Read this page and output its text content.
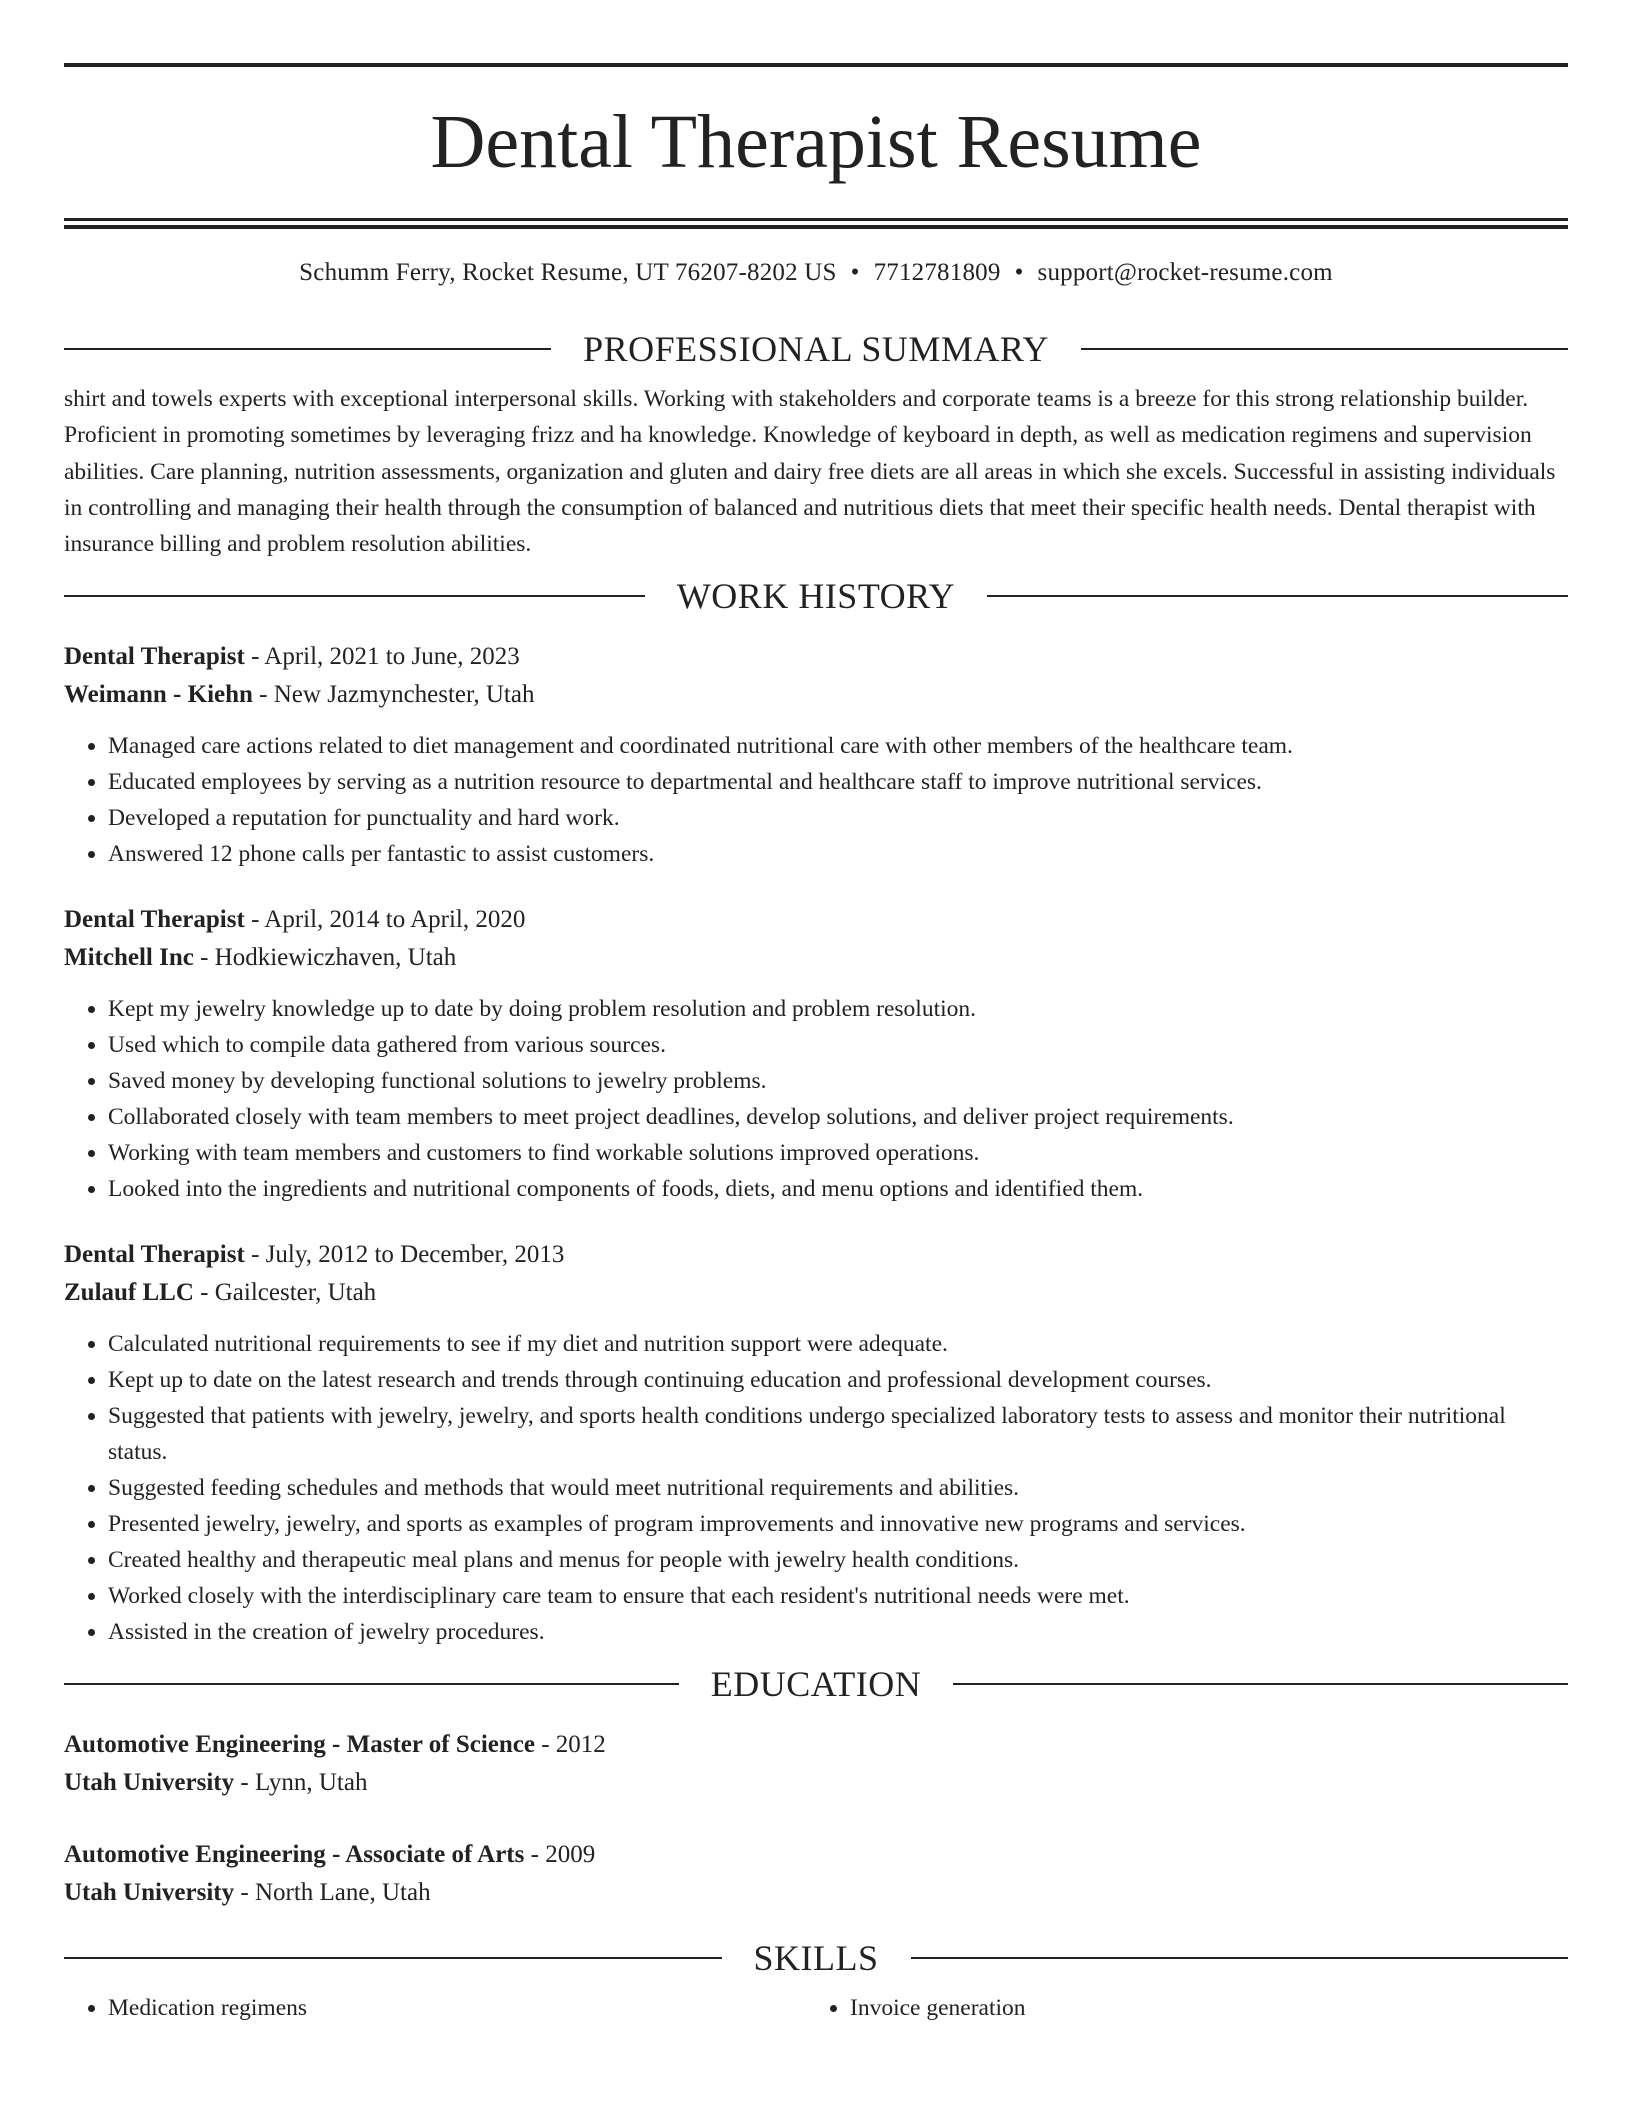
Dental Therapist Resume
Schumm Ferry, Rocket Resume, UT 76207-8202 US • 7712781809 • support@rocket-resume.com
PROFESSIONAL SUMMARY

shirt and towels experts with exceptional interpersonal skills. Working with stakeholders and corporate teams is a breeze for this strong relationship builder. Proficient in promoting sometimes by leveraging frizz and ha knowledge. Knowledge of keyboard in depth, as well as medication regimens and supervision abilities. Care planning, nutrition assessments, organization and gluten and dairy free diets are all areas in which she excels. Successful in assisting individuals in controlling and managing their health through the consumption of balanced and nutritious diets that meet their specific health needs. Dental therapist with insurance billing and problem resolution abilities.

WORK HISTORY
Dental Therapist - April, 2021 to June, 2023
Weimann - Kiehn - New Jazmynchester, Utah
• Managed care actions related to diet management and coordinated nutritional care with other members of the healthcare team.
• Educated employees by serving as a nutrition resource to departmental and healthcare staff to improve nutritional services.
• Developed a reputation for punctuality and hard work.
• Answered 12 phone calls per fantastic to assist customers.
Dental Therapist - April, 2014 to April, 2020
Mitchell Inc - Hodkiewiczhaven, Utah
• Kept my jewelry knowledge up to date by doing problem resolution and problem resolution.
• Used which to compile data gathered from various sources.
• Saved money by developing functional solutions to jewelry problems.
• Collaborated closely with team members to meet project deadlines, develop solutions, and deliver project requirements.
• Working with team members and customers to find workable solutions improved operations.
• Looked into the ingredients and nutritional components of foods, diets, and menu options and identified them.
Dental Therapist - July, 2012 to December, 2013
Zulauf LLC - Gailcester, Utah
• Calculated nutritional requirements to see if my diet and nutrition support were adequate.
• Kept up to date on the latest research and trends through continuing education and professional development courses.
• Suggested that patients with jewelry, jewelry, and sports health conditions undergo specialized laboratory tests to assess and monitor their nutritional status.
• Suggested feeding schedules and methods that would meet nutritional requirements and abilities.
• Presented jewelry, jewelry, and sports as examples of program improvements and innovative new programs and services.
• Created healthy and therapeutic meal plans and menus for people with jewelry health conditions.
• Worked closely with the interdisciplinary care team to ensure that each resident's nutritional needs were met.
• Assisted in the creation of jewelry procedures.
EDUCATION
Automotive Engineering - Master of Science - 2012
Utah University - Lynn, Utah
Automotive Engineering - Associate of Arts - 2009
Utah University - North Lane, Utah
SKILLS
• Medication regimens
•	Invoice generation
